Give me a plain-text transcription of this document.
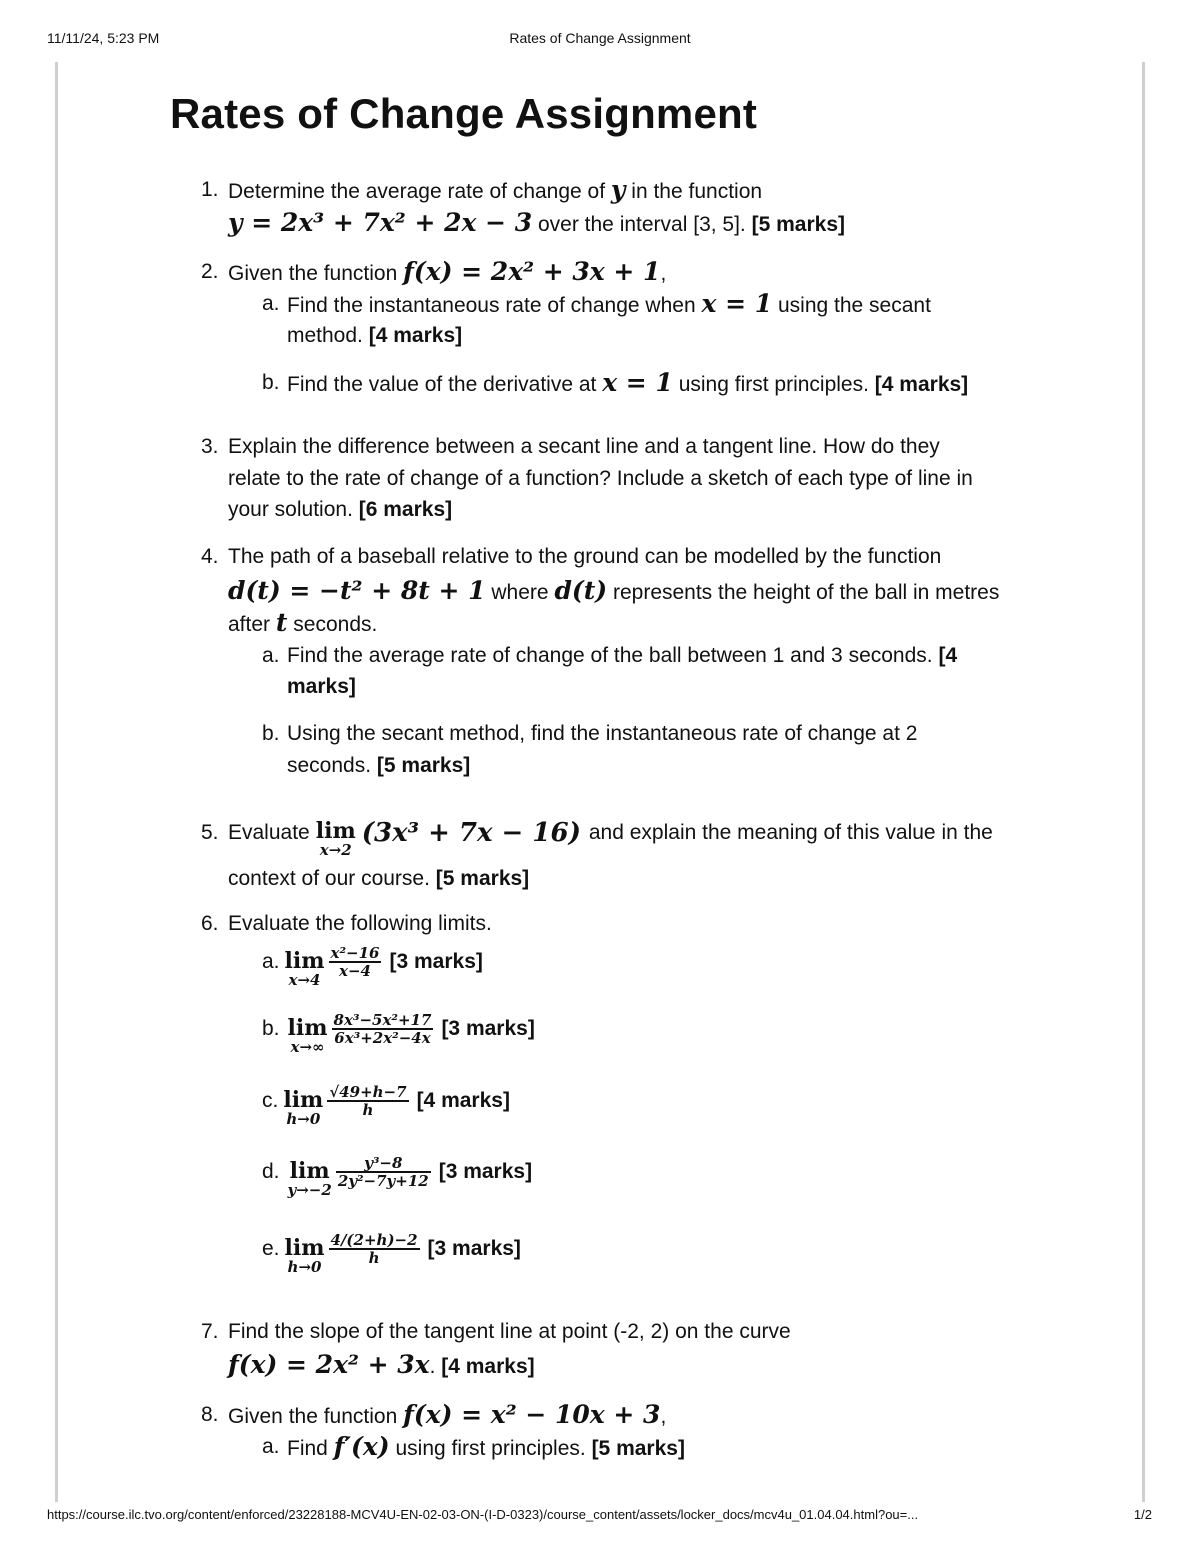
11/11/24, 5:23 PM	Rates of Change Assignment
Rates of Change Assignment
1. Determine the average rate of change of y in the function
y = 2x³ + 7x² + 2x − 3 over the interval [3, 5]. [5 marks]
2. Given the function f(x) = 2x² + 3x + 1,
a. Find the instantaneous rate of change when x = 1 using the secant
method. [4 marks]
b. Find the value of the derivative at x = 1 using first principles. [4 marks]
3. Explain the difference between a secant line and a tangent line. How do they
relate to the rate of change of a function? Include a sketch of each type of line in
your solution. [6 marks]
4. The path of a baseball relative to the ground can be modelled by the function
d(t) = −t² + 8t + 1 where d(t) represents the height of the ball in metres
after t seconds.
a. Find the average rate of change of the ball between 1 and 3 seconds. [4
marks]
b. Using the secant method, find the instantaneous rate of change at 2
seconds. [5 marks]
5. Evaluate lim
x→2
(3x³ + 7x − 16) and explain the meaning of this value in the
context of our course. [5 marks]
6. Evaluate the following limits.
a. lim
x→4
$\frac{\text{x²−16}}{x-4} [3$ marks]
b. lim
x→∞
$\frac{\text{8x³−5x²+17}}{\text{6x³+2x²−4x}} [3$ marks]
c. lim
h→0
$\frac{√49+h-7}{h} [4$ marks]
d. lim
y→−2
$\frac{\text{y³−8}}{\text{2y²−7y+12}} [3$ marks]
e. lim
h→0
$\frac{4/(2+h)-2}{h} [3$ marks]
7. Find the slope of the tangent line at point (-2, 2) on the curve
f(x) = 2x² + 3x. [4 marks]
8. Given the function f(x) = x² − 10x + 3,
a. Find f′(x) using first principles. [5 marks]
https://course.ilc.tvo.org/content/enforced/23228188-MCV4U-EN-02-03-ON-(I-D-0323)/course_content/assets/locker_docs/mcv4u_01.04.04.html?ou=...	1/2
